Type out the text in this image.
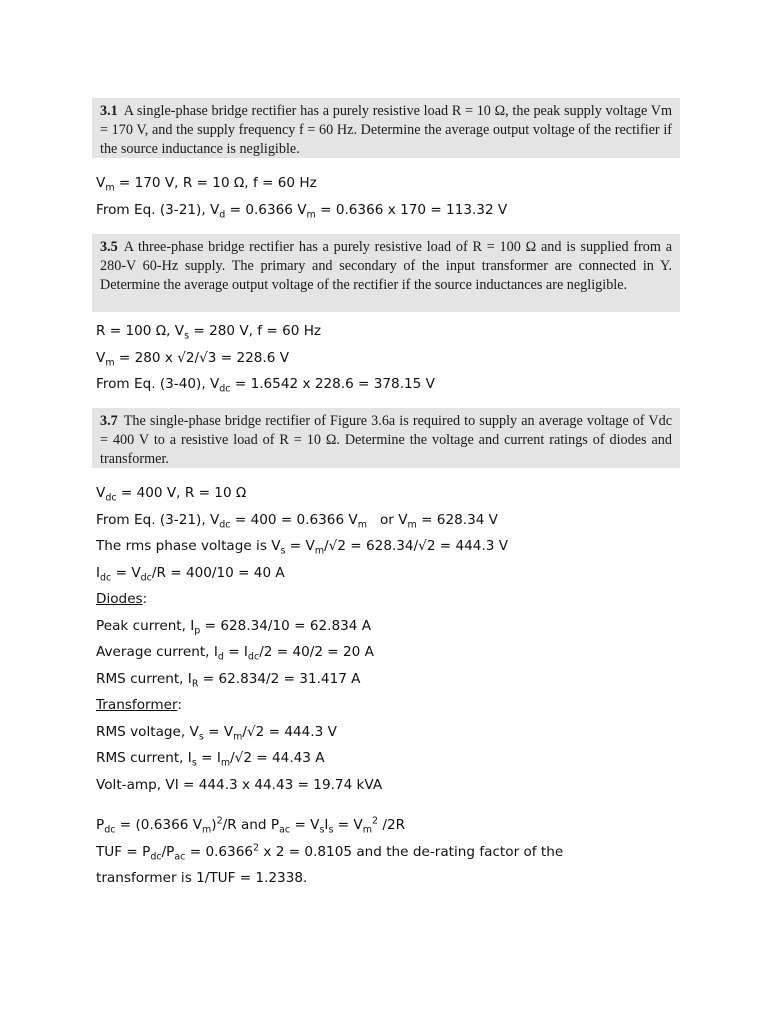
3.1 A single-phase bridge rectifier has a purely resistive load R = 10 Ω, the peak supply voltage Vm = 170 V, and the supply frequency f = 60 Hz. Determine the average output voltage of the rectifier if the source inductance is negligible.

$V_m = 170$ V, R = 10 Ω, f = 60 Hz
From Eq. (3-21), $V_d = 0.6366$ $V_m = 0.6366$ x 170 = 113.32 V

3.5 A three-phase bridge rectifier has a purely resistive load of R = 100 Ω and is supplied from a 280-V 60-Hz supply. The primary and secondary of the input transformer are connected in Y. Determine the average output voltage of the rectifier if the source inductances are negligible.

R = 100 Ω, $V_s = 280$ V, f = 60 Hz
$V_m = 280$ x √2/√3 = 228.6 V
From Eq. (3-40), $V_{dc} = 1.6542$ x 228.6 = 378.15 V

3.7 The single-phase bridge rectifier of Figure 3.6a is required to supply an average voltage of Vdc = 400 V to a resistive load of R = 10 Ω. Determine the voltage and current ratings of diodes and transformer.

$V_{dc} = 400$ V, R = 10 Ω
From Eq. (3-21), $V_{dc} = 400 = 0.6366$ $V_m$   or $V_m = 628.34$ V
The rms phase voltage is $V_s = V_m/√2 = 628.34/√2 = 444.3$ V
$I_{dc} = V_{dc}/R = 400/10 = 40$ A
Diodes:
Peak current, $I_p = 628.34/10 = 62.834$ A
Average current, $I_d = I_{dc}/2 = 40/2 = 20$ A
RMS current, $I_R = 62.834/2 = 31.417$ A
Transformer:
RMS voltage, $V_s = V_m/√2 = 444.3$ V
RMS current, $I_s = I_m/√2 = 44.43$ A
Volt-amp, VI = 444.3 x 44.43 = 19.74 kVA
$P_{dc} = (0.6366$ $V_m)^2/R$ and $P_{ac} = V_sI_s = V_m^2$ /2R
TUF = $P_{dc}/P_{ac} = 0.6366^2$ x 2 = 0.8105 and the de-rating factor of the
transformer is 1/TUF = 1.2338.
